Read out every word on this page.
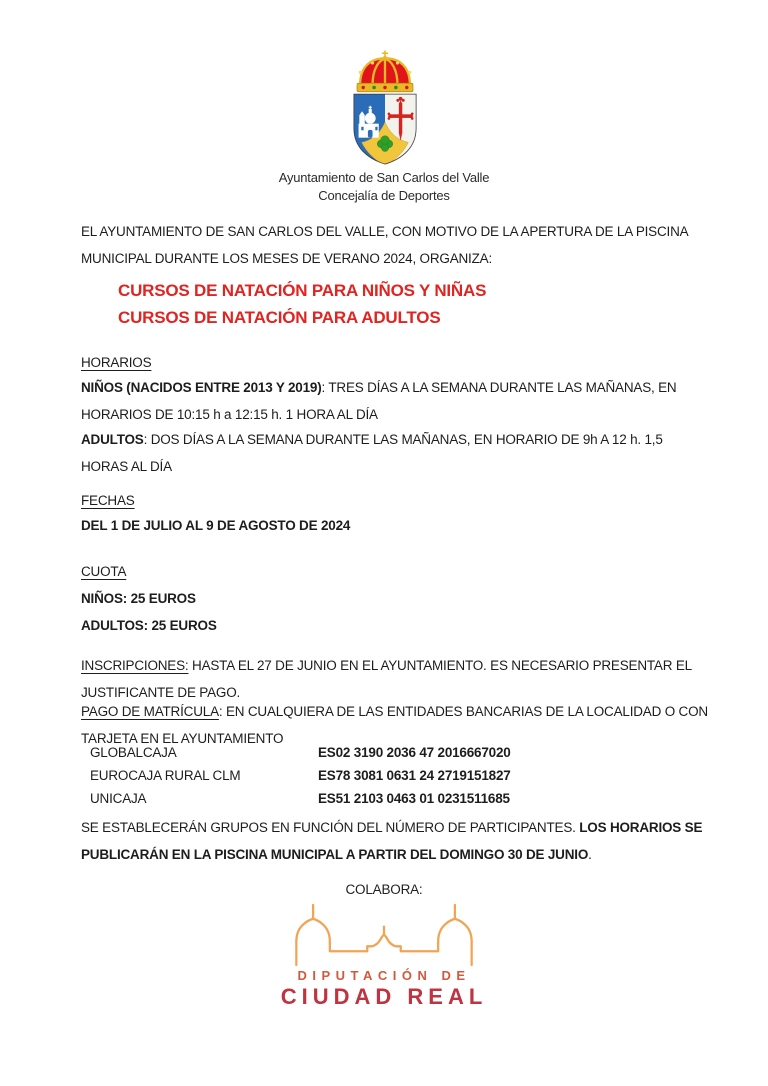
Ayuntamiento de San Carlos del Valle
Concejalía de Deportes

EL AYUNTAMIENTO DE SAN CARLOS DEL VALLE, CON MOTIVO DE LA APERTURA DE LA PISCINA MUNICIPAL DURANTE LOS MESES DE VERANO 2024, ORGANIZA:

CURSOS DE NATACIÓN PARA NIÑOS Y NIÑAS
CURSOS DE NATACIÓN PARA ADULTOS

HORARIOS

NIÑOS (NACIDOS ENTRE 2013 Y 2019): TRES DÍAS A LA SEMANA DURANTE LAS MAÑANAS, EN HORARIOS DE 10:15 h a 12:15 h. 1 HORA AL DÍA

ADULTOS: DOS DÍAS A LA SEMANA DURANTE LAS MAÑANAS, EN HORARIO DE 9h A 12 h. 1,5 HORAS AL DÍA

FECHAS

DEL 1 DE JULIO AL 9 DE AGOSTO DE 2024

CUOTA

NIÑOS: 25 EUROS

ADULTOS: 25 EUROS

INSCRIPCIONES: HASTA EL 27 DE JUNIO EN EL AYUNTAMIENTO. ES NECESARIO PRESENTAR EL JUSTIFICANTE DE PAGO.

PAGO DE MATRÍCULA: EN CUALQUIERA DE LAS ENTIDADES BANCARIAS DE LA LOCALIDAD O CON TARJETA EN EL AYUNTAMIENTO

GLOBALCAJA	ES02 3190 2036 47 2016667020
EUROCAJA RURAL CLM	ES78 3081 0631 24 2719151827
UNICAJA	ES51 2103 0463 01 0231511685

SE ESTABLECERÁN GRUPOS EN FUNCIÓN DEL NÚMERO DE PARTICIPANTES. LOS HORARIOS SE PUBLICARÁN EN LA PISCINA MUNICIPAL A PARTIR DEL DOMINGO 30 DE JUNIO.

COLABORA:
DIPUTACIÓN DE
CIUDAD REAL
